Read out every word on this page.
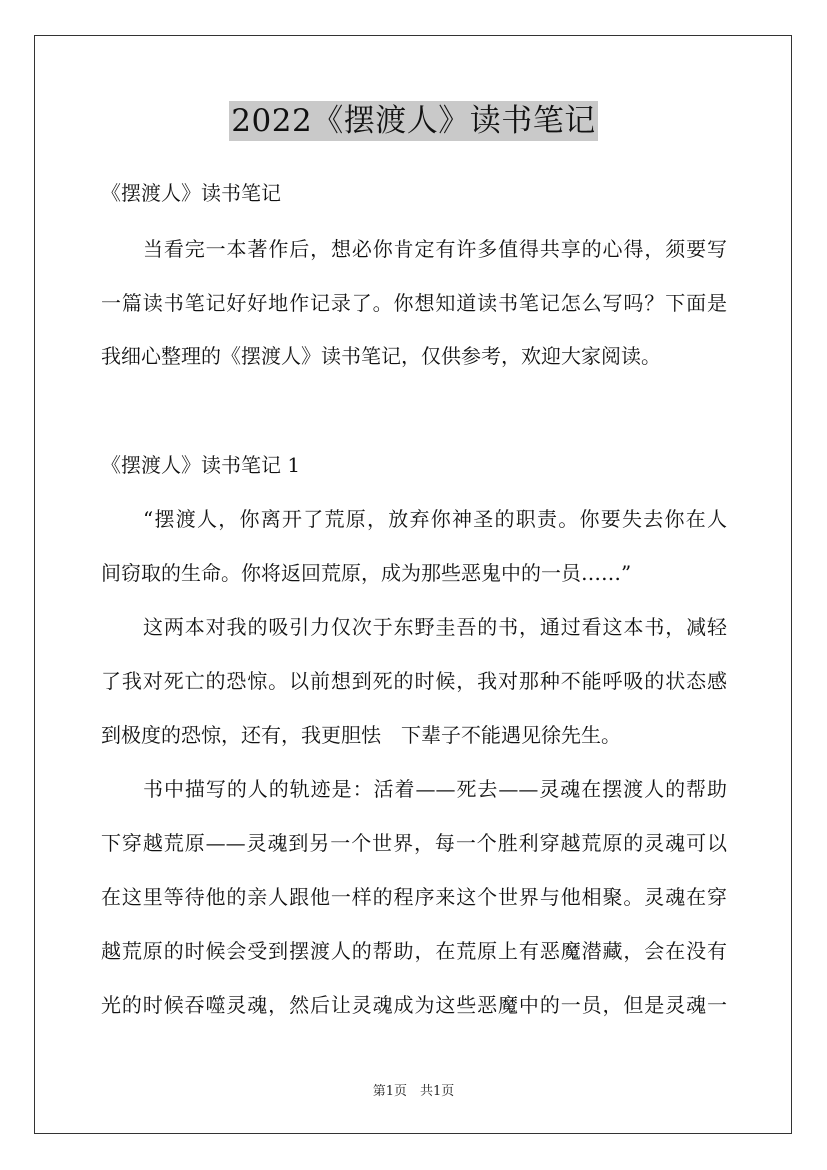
2022《摆渡人》读书笔记
《摆渡人》读书笔记
当看完一本著作后，想必你肯定有许多值得共享的心得，须要写
一篇读书笔记好好地作记录了。你想知道读书笔记怎么写吗？下面是
我细心整理的《摆渡人》读书笔记，仅供参考，欢迎大家阅读。
《摆渡人》读书笔记 1
“摆渡人，你离开了荒原，放弃你神圣的职责。你要失去你在人
间窃取的生命。你将返回荒原，成为那些恶鬼中的一员……”
这两本对我的吸引力仅次于东野圭吾的书，通过看这本书，减轻
了我对死亡的恐惊。以前想到死的时候，我对那种不能呼吸的状态感
到极度的恐惊，还有，我更胆怯　下辈子不能遇见徐先生。
书中描写的人的轨迹是：活着——死去——灵魂在摆渡人的帮助
下穿越荒原——灵魂到另一个世界，每一个胜利穿越荒原的灵魂可以
在这里等待他的亲人跟他一样的程序来这个世界与他相聚。灵魂在穿
越荒原的时候会受到摆渡人的帮助，在荒原上有恶魔潜藏，会在没有
光的时候吞噬灵魂，然后让灵魂成为这些恶魔中的一员，但是灵魂一
第1页　共1页
